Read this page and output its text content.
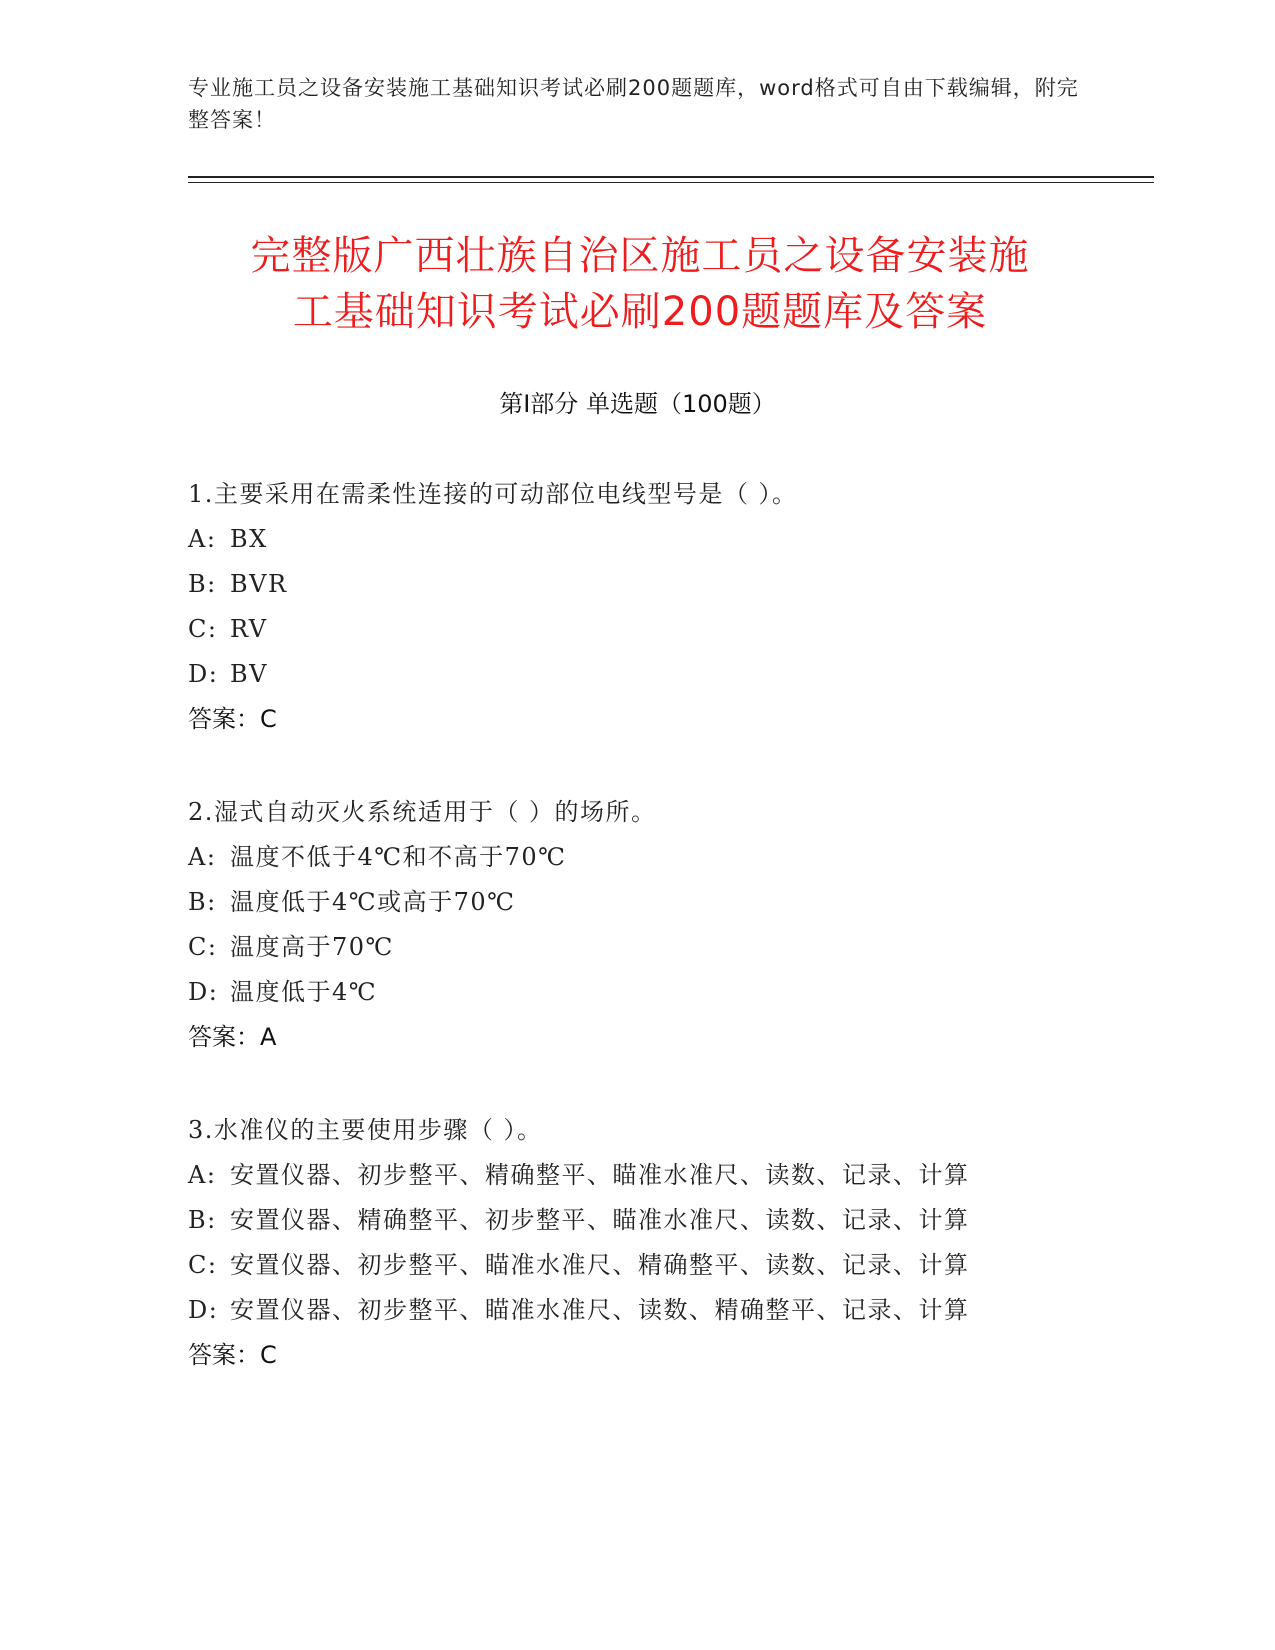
专业施工员之设备安装施工基础知识考试必刷200题题库，word格式可自由下载编辑，附完整答案！
完整版广西壮族自治区施工员之设备安装施
工基础知识考试必刷200题题库及答案
第Ⅰ部分 单选题（100题）
1.主要采用在需柔性连接的可动部位电线型号是（ ）。
A: BX
B: BVR
C: RV
D: BV
答案：C
2.湿式自动灭火系统适用于（ ）的场所。
A: 温度不低于4℃和不高于70℃
B: 温度低于4℃或高于70℃
C: 温度高于70℃
D: 温度低于4℃
答案：A
3.水准仪的主要使用步骤（ ）。
A: 安置仪器、初步整平、精确整平、瞄准水准尺、读数、记录、计算
B: 安置仪器、精确整平、初步整平、瞄准水准尺、读数、记录、计算
C: 安置仪器、初步整平、瞄准水准尺、精确整平、读数、记录、计算
D: 安置仪器、初步整平、瞄准水准尺、读数、精确整平、记录、计算
答案：C
